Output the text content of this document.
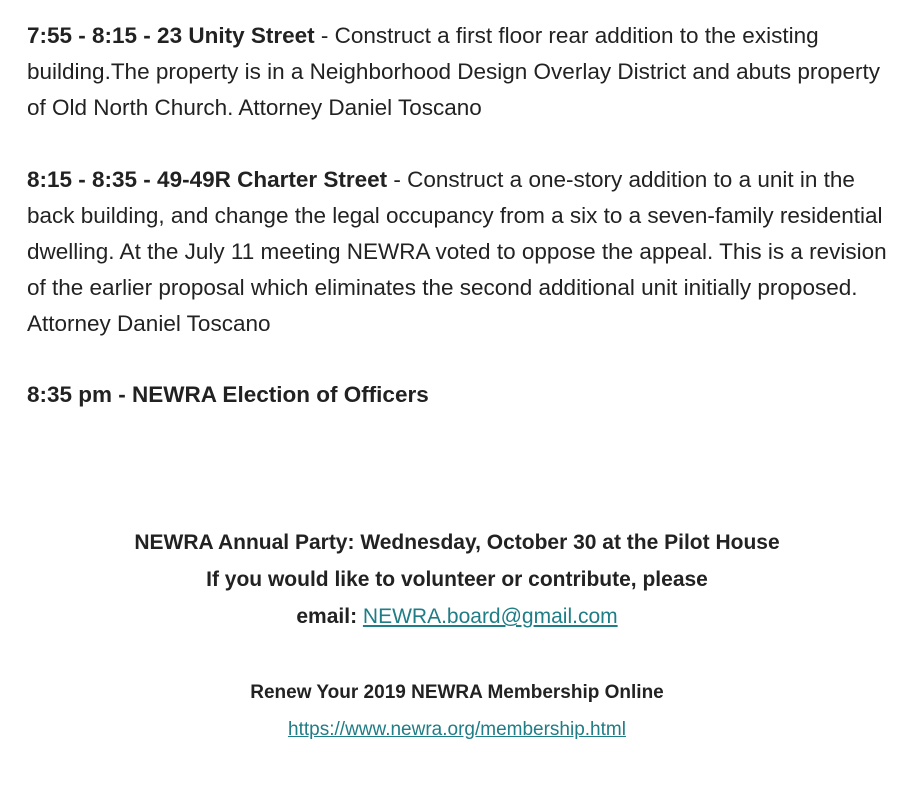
7:55 - 8:15 - 23 Unity Street - Construct a first floor rear addition to the existing building.The property is in a Neighborhood Design Overlay District and abuts property of Old North Church. Attorney Daniel Toscano

8:15 - 8:35 - 49-49R Charter Street - Construct a one-story addition to a unit in the back building, and change the legal occupancy from a six to a seven-family residential dwelling. At the July 11 meeting NEWRA voted to oppose the appeal. This is a revision of the earlier proposal which eliminates the second additional unit initially proposed. Attorney Daniel Toscano

8:35 pm - NEWRA Election of Officers

NEWRA Annual Party: Wednesday, October 30 at the Pilot House
If you would like to volunteer or contribute, please
email: NEWRA.board@gmail.com
Renew Your 2019 NEWRA Membership Online
https://www.newra.org/membership.html
